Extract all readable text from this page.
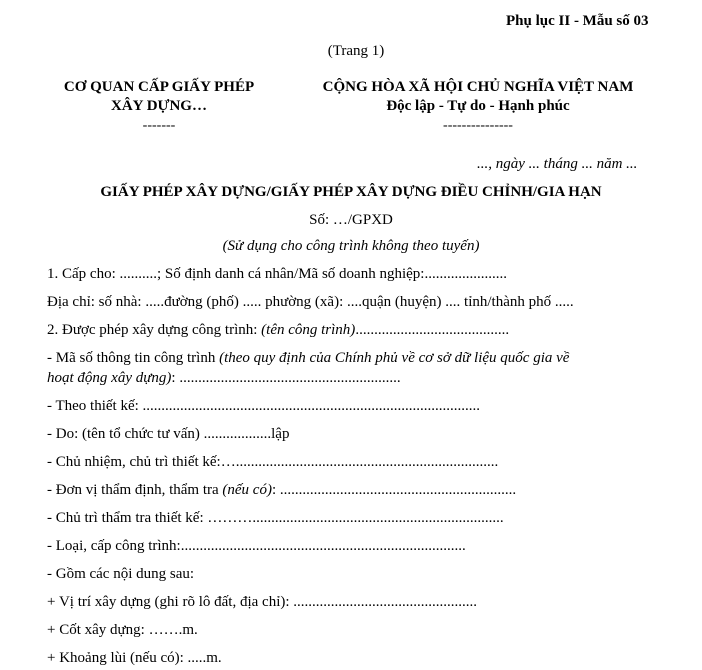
Phụ lục II - Mẫu số 03
(Trang 1)
CƠ QUAN CẤP GIẤY PHÉP
XÂY DỰNG…
-------
CỘNG HÒA XÃ HỘI CHỦ NGHĨA VIỆT NAM
Độc lập - Tự do - Hạnh phúc
---------------
..., ngày ... tháng ... năm ...
GIẤY PHÉP XÂY DỰNG/GIẤY PHÉP XÂY DỰNG ĐIỀU CHỈNH/GIA HẠN
Số: …/GPXD
(Sử dụng cho công trình không theo tuyến)
1. Cấp cho: ..........; Số định danh cá nhân/Mã số doanh nghiệp:......................
Địa chỉ: số nhà: .....đường (phố) ..... phường (xã): ....quận (huyện) .... tỉnh/thành phố .....
2. Được phép xây dựng công trình: (tên công trình).........................................
- Mã số thông tin công trình (theo quy định của Chính phủ về cơ sở dữ liệu quốc gia về
hoạt động xây dựng): ...........................................................
- Theo thiết kế: ..........................................................................................
- Do: (tên tổ chức tư vấn) ..................lập
- Chủ nhiệm, chủ trì thiết kế:…......................................................................
- Đơn vị thẩm định, thẩm tra (nếu có): ...............................................................
- Chủ trì thẩm tra thiết kế: ………...................................................................
- Loại, cấp công trình:............................................................................
- Gồm các nội dung sau:
+ Vị trí xây dựng (ghi rõ lô đất, địa chỉ): .................................................
+ Cốt xây dựng: …….m.
+ Khoảng lùi (nếu có): .....m.
